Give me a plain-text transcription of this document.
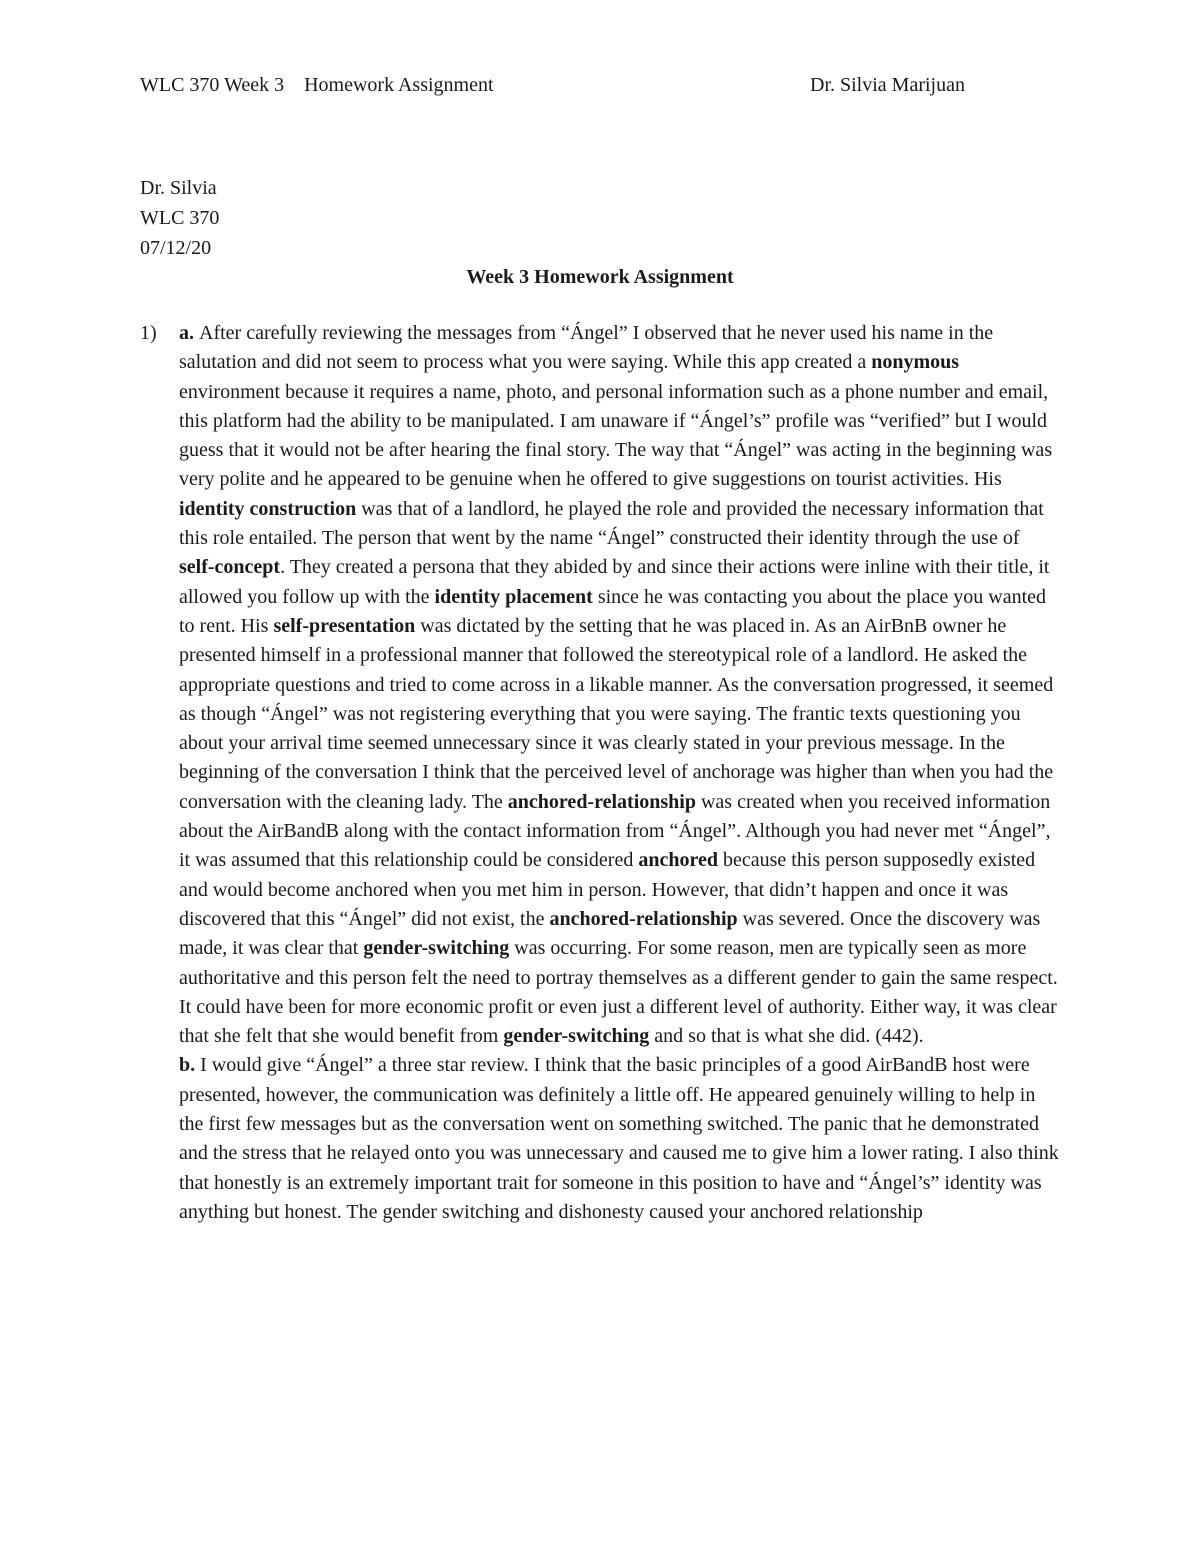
WLC 370 Week 3    Homework Assignment	Dr. Silvia Marijuan
Dr. Silvia
WLC 370
07/12/20
Week 3 Homework Assignment
1) a. After carefully reviewing the messages from “Ángel” I observed that he never used his name in the salutation and did not seem to process what you were saying. While this app created a nonymous environment because it requires a name, photo, and personal information such as a phone number and email, this platform had the ability to be manipulated. I am unaware if “Ángel’s” profile was “verified” but I would guess that it would not be after hearing the final story. The way that “Ángel” was acting in the beginning was very polite and he appeared to be genuine when he offered to give suggestions on tourist activities. His identity construction was that of a landlord, he played the role and provided the necessary information that this role entailed. The person that went by the name “Ángel” constructed their identity through the use of self-concept. They created a persona that they abided by and since their actions were inline with their title, it allowed you follow up with the identity placement since he was contacting you about the place you wanted to rent. His self-presentation was dictated by the setting that he was placed in. As an AirBnB owner he presented himself in a professional manner that followed the stereotypical role of a landlord. He asked the appropriate questions and tried to come across in a likable manner. As the conversation progressed, it seemed as though “Ángel” was not registering everything that you were saying. The frantic texts questioning you about your arrival time seemed unnecessary since it was clearly stated in your previous message. In the beginning of the conversation I think that the perceived level of anchorage was higher than when you had the conversation with the cleaning lady. The anchored-relationship was created when you received information about the AirBandB along with the contact information from “Ángel”. Although you had never met “Ángel”, it was assumed that this relationship could be considered anchored because this person supposedly existed and would become anchored when you met him in person. However, that didn’t happen and once it was discovered that this “Ángel” did not exist, the anchored-relationship was severed. Once the discovery was made, it was clear that gender-switching was occurring. For some reason, men are typically seen as more authoritative and this person felt the need to portray themselves as a different gender to gain the same respect. It could have been for more economic profit or even just a different level of authority. Either way, it was clear that she felt that she would benefit from gender-switching and so that is what she did. (442).

b. I would give “Ángel” a three star review. I think that the basic principles of a good AirBandB host were presented, however, the communication was definitely a little off. He appeared genuinely willing to help in the first few messages but as the conversation went on something switched. The panic that he demonstrated and the stress that he relayed onto you was unnecessary and caused me to give him a lower rating. I also think that honestly is an extremely important trait for someone in this position to have and “Ángel’s” identity was anything but honest. The gender switching and dishonesty caused your anchored relationship
